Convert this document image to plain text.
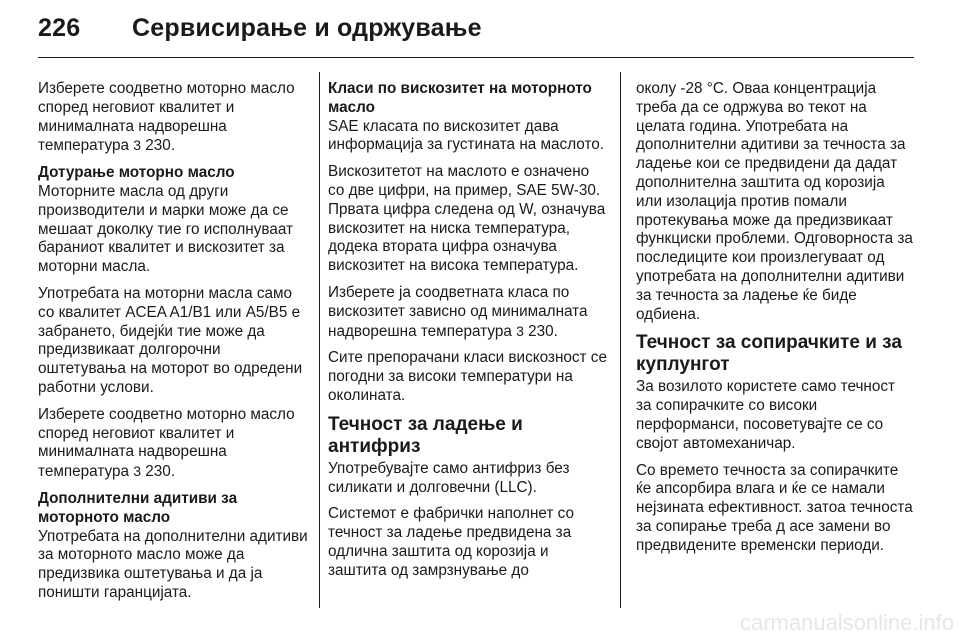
226 Сервисирање и одржување

Изберете соодветно моторно масло според неговиот квалитет и минималната надворешна температура 3 230.

Дотурање моторно масло

Моторните масла од други производители и марки може да се мешаат доколку тие го исполнуваат бараниот квалитет и вискозитет за моторни масла.

Употребата на моторни масла само со квалитет ACEA A1/B1 или A5/B5 е забрането, бидејќи тие може да предизвикаат долгорочни оштетувања на моторот во одредени работни услови.

Изберете соодветно моторно масло според неговиот квалитет и минималната надворешна температура 3 230.

Дополнителни адитиви за моторното масло

Употребата на дополнителни адитиви за моторното масло може да предизвика оштетувања и да ја поништи гаранцијата.

Класи по вискозитет на моторното масло

SAE класата по вискозитет дава информација за густината на маслото.

Вискозитетот на маслото е означено со две цифри, на пример, SAE 5W-30. Првата цифра следена од W, означува вискозитет на ниска температура, додека втората цифра означува вискозитет на висока температура.

Изберете ја соодветната класа по вискозитет зависно од минималната надворешна температура 3 230.

Сите препорачани класи вискозност се погодни за високи температури на околината.

Течност за ладење и антифриз

Употребувајте само антифриз без силикати и долговечни (LLC).

Системот е фабрички наполнет со течност за ладење предвидена за одлична заштита од корозија и заштита од замрзнување до

околу -28 °C. Оваа концентрација треба да се одржува во текот на целата година. Употребата на дополнителни адитиви за течноста за ладење кои се предвидени да дадат дополнителна заштита од корозија или изолација против помали протекувања може да предизвикаат функциски проблеми. Одговорноста за последиците кои произлегуваат од употребата на дополнителни адитиви за течноста за ладење ќе биде одбиена.

Течност за сопирачките и за куплунгот

За возилото користете само течност за сопирачките со високи перформанси, посоветувајте се со својот автомеханичар.

Со времето течноста за сопирачките ќе апсорбира влага и ќе се намали нејзината ефективност. затоа течноста за сопирање треба д асе замени во предвидените временски периоди.

carmanualsonline.info
